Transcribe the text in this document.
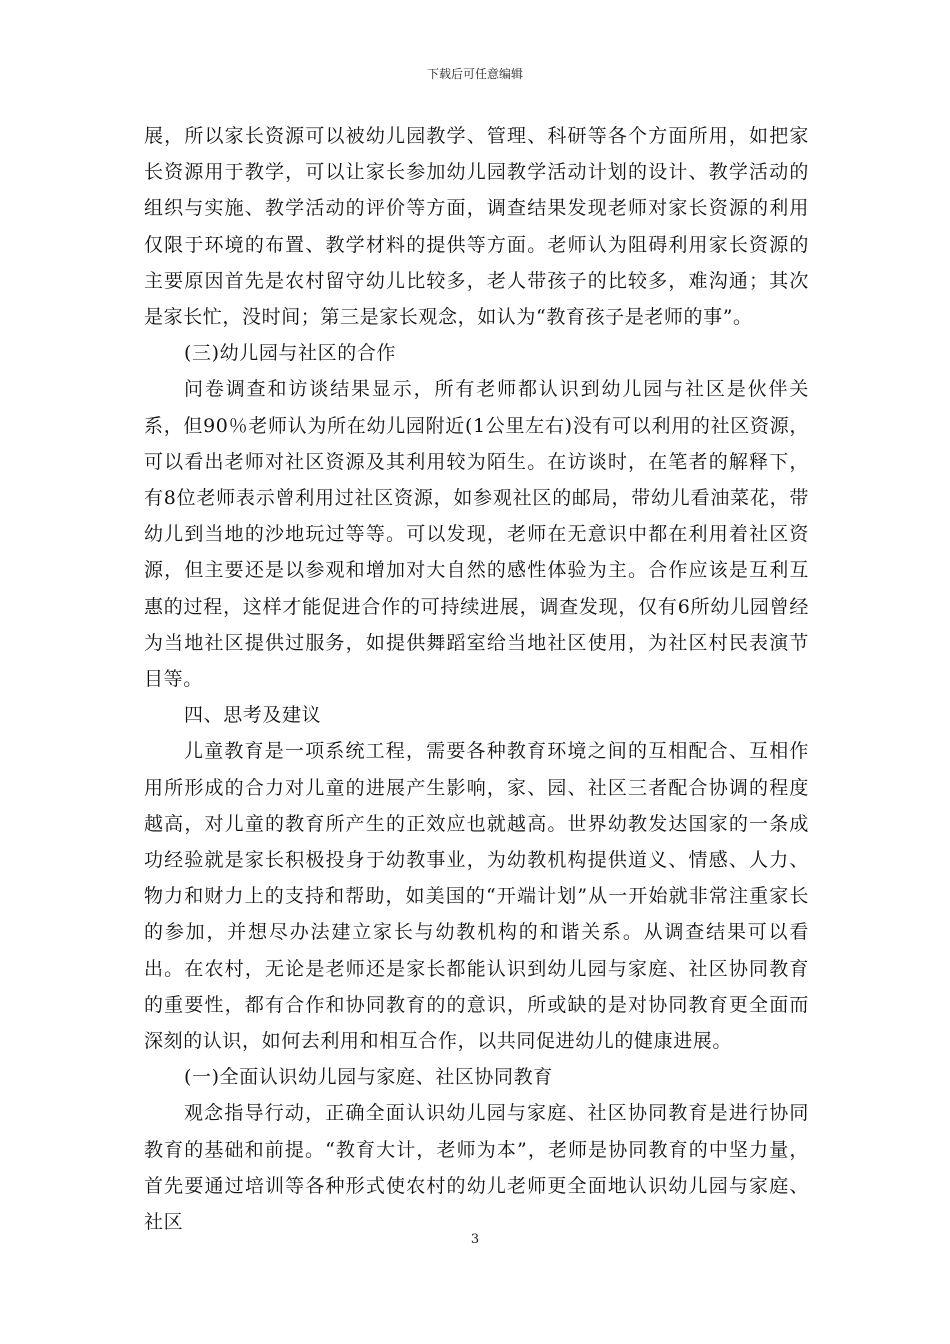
下载后可任意编辑

展，所以家长资源可以被幼儿园教学、管理、科研等各个方面所用，如把家长资源用于教学，可以让家长参加幼儿园教学活动计划的设计、教学活动的组织与实施、教学活动的评价等方面，调查结果发现老师对家长资源的利用仅限于环境的布置、教学材料的提供等方面。老师认为阻碍利用家长资源的主要原因首先是农村留守幼儿比较多，老人带孩子的比较多，难沟通；其次是家长忙，没时间；第三是家长观念，如认为“教育孩子是老师的事”。

(三)幼儿园与社区的合作

问卷调查和访谈结果显示，所有老师都认识到幼儿园与社区是伙伴关系，但90％老师认为所在幼儿园附近(1公里左右)没有可以利用的社区资源，可以看出老师对社区资源及其利用较为陌生。在访谈时，在笔者的解释下，有8位老师表示曾利用过社区资源，如参观社区的邮局，带幼儿看油菜花，带幼儿到当地的沙地玩过等等。可以发现，老师在无意识中都在利用着社区资源，但主要还是以参观和增加对大自然的感性体验为主。合作应该是互利互惠的过程，这样才能促进合作的可持续进展，调查发现，仅有6所幼儿园曾经为当地社区提供过服务，如提供舞蹈室给当地社区使用，为社区村民表演节目等。

四、思考及建议

儿童教育是一项系统工程，需要各种教育环境之间的互相配合、互相作用所形成的合力对儿童的进展产生影响，家、园、社区三者配合协调的程度越高，对儿童的教育所产生的正效应也就越高。世界幼教发达国家的一条成功经验就是家长积极投身于幼教事业，为幼教机构提供道义、情感、人力、物力和财力上的支持和帮助，如美国的“开端计划”从一开始就非常注重家长的参加，并想尽办法建立家长与幼教机构的和谐关系。从调查结果可以看出。在农村，无论是老师还是家长都能认识到幼儿园与家庭、社区协同教育的重要性，都有合作和协同教育的的意识，所或缺的是对协同教育更全面而深刻的认识，如何去利用和相互合作，以共同促进幼儿的健康进展。

(一)全面认识幼儿园与家庭、社区协同教育

观念指导行动，正确全面认识幼儿园与家庭、社区协同教育是进行协同教育的基础和前提。“教育大计，老师为本”，老师是协同教育的中坚力量，首先要通过培训等各种形式使农村的幼儿老师更全面地认识幼儿园与家庭、社区

3
